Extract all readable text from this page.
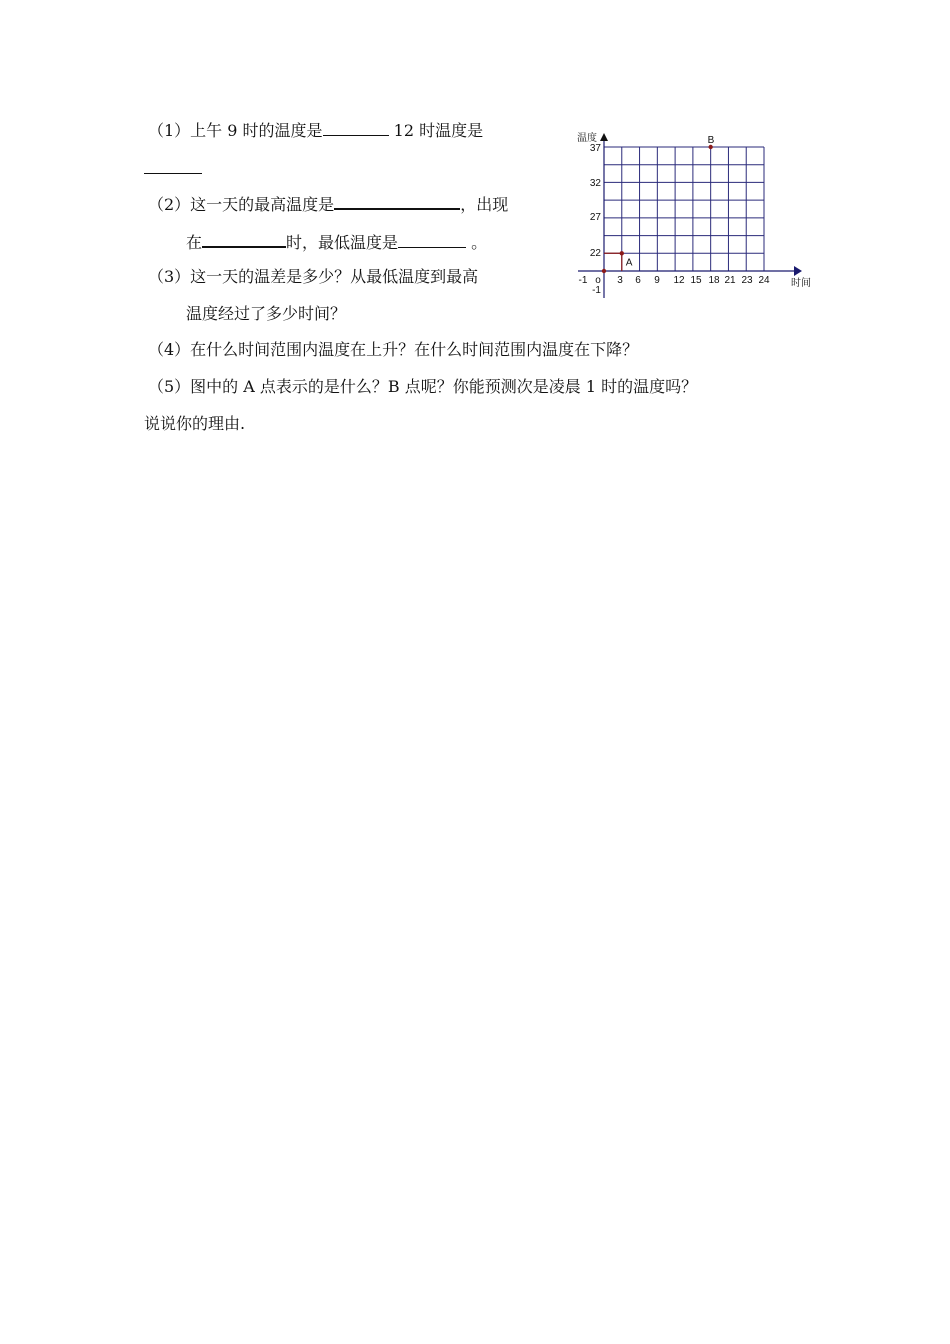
（1）上午 9 时的温度是	12 时温度是
（2）这一天的最高温度是	，出现
在	时，最低温度是	。
（3）这一天的温差是多少？从最低温度到最高
温度经过了多少时间？
（4）在什么时间范围内温度在上升？在什么时间范围内温度在下降？
（5）图中的 A 点表示的是什么？B 点呢？你能预测次是凌晨 1 时的温度吗？
说说你的理由.
温度
时间
-1 o 3 6 9 12 15 18 21 23 24
37
32
27
22
-1
A
B
